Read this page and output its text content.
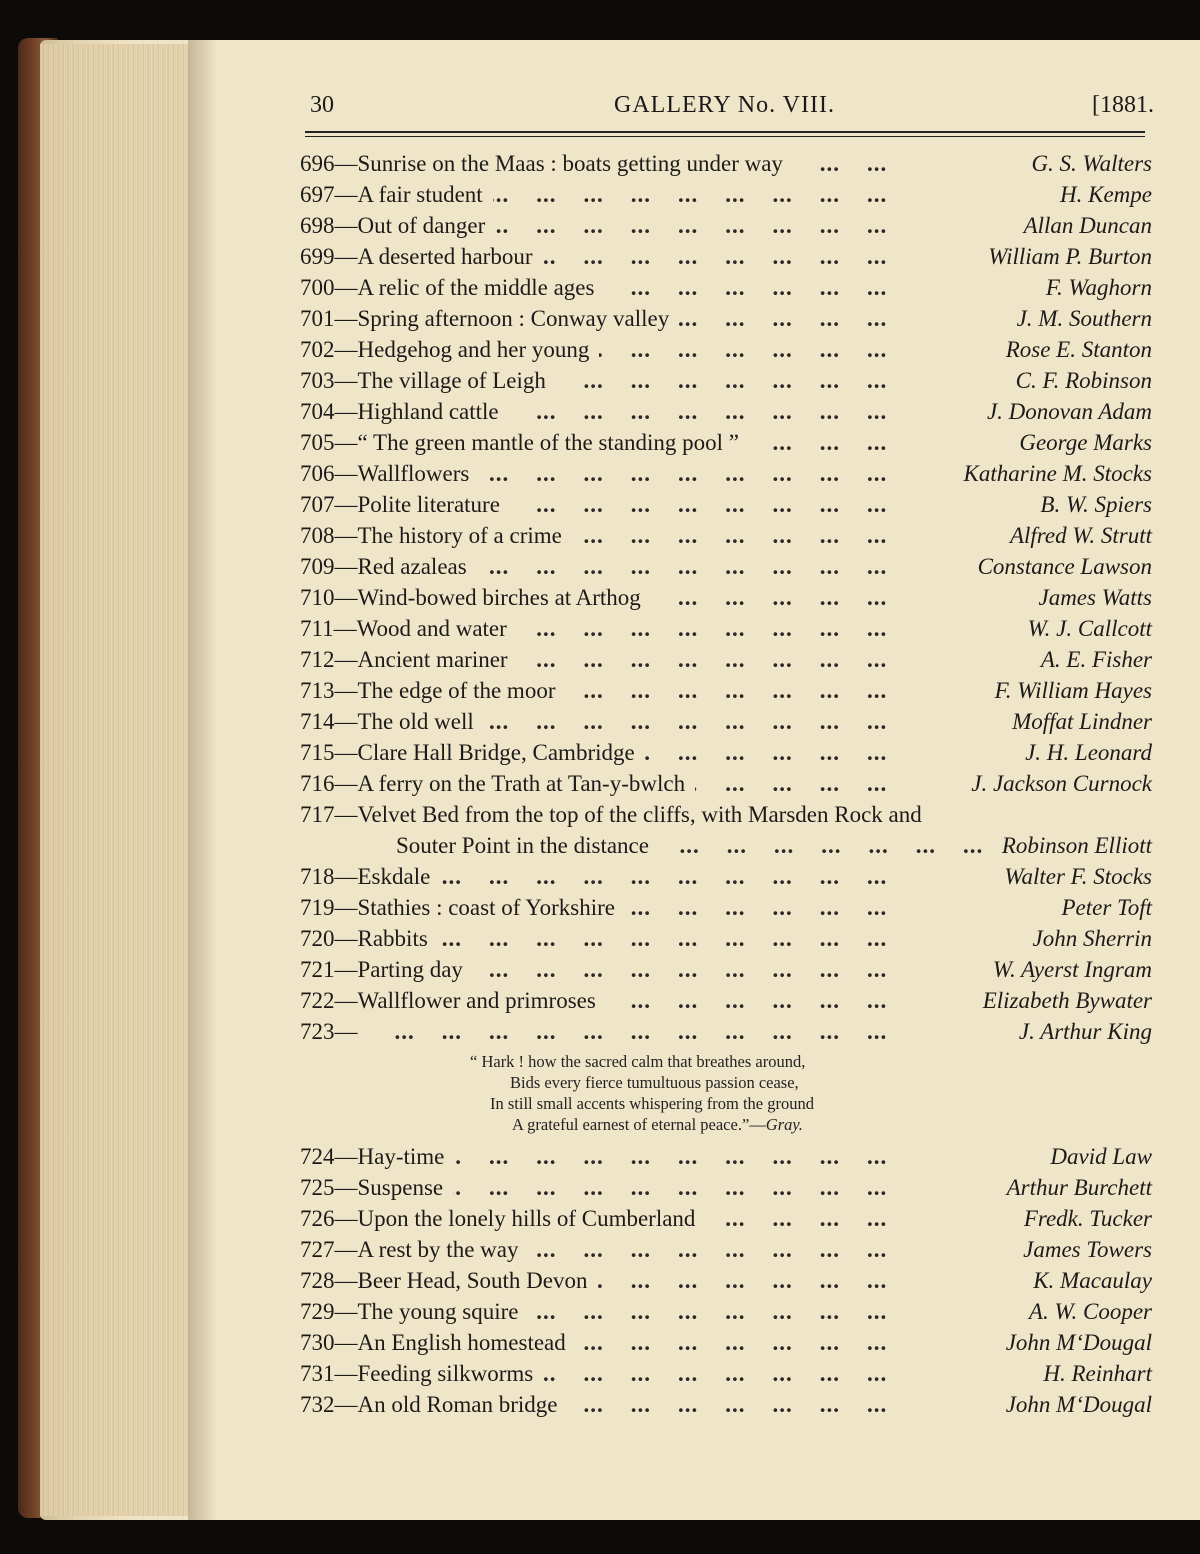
30	GALLERY No. VIII.	[1881.
696—Sunrise on the Maas : boats getting under way ...	G. S. Walters
697—A fair student ...	H. Kempe
698—Out of danger ...	Allan Duncan
699—A deserted harbour ...	William P. Burton
700—A relic of the middle ages ...	F. Waghorn
701—Spring afternoon : Conway valley ...	J. M. Southern
702—Hedgehog and her young ...	Rose E. Stanton
703—The village of Leigh ...	C. F. Robinson
704—Highland cattle ...	J. Donovan Adam
705—“ The green mantle of the standing pool ” ...	George Marks
706—Wallflowers ...	Katharine M. Stocks
707—Polite literature ...	B. W. Spiers
708—The history of a crime ...	Alfred W. Strutt
709—Red azaleas ...	Constance Lawson
710—Wind-bowed birches at Arthog ...	James Watts
711—Wood and water ...	W. J. Callcott
712—Ancient mariner ...	A. E. Fisher
713—The edge of the moor ...	F. William Hayes
714—The old well ...	Moffat Lindner
715—Clare Hall Bridge, Cambridge ...	J. H. Leonard
716—A ferry on the Trath at Tan-y-bwlch ...	J. Jackson Curnock
717—Velvet Bed from the top of the cliffs, with Marsden Rock and
Souter Point in the distance ...	Robinson Elliott
718—Eskdale ...	Walter F. Stocks
719—Stathies : coast of Yorkshire ...	Peter Toft
720—Rabbits ...	John Sherrin
721—Parting day ...	W. Ayerst Ingram
722—Wallflower and primroses ...	Elizabeth Bywater
723— ...	J. Arthur King
“ Hark ! how the sacred calm that breathes around,
Bids every fierce tumultuous passion cease,
In still small accents whispering from the ground
A grateful earnest of eternal peace.”—Gray.
724—Hay-time ...	David Law
725—Suspense ...	Arthur Burchett
726—Upon the lonely hills of Cumberland ...	Fredk. Tucker
727—A rest by the way ...	James Towers
728—Beer Head, South Devon ...	K. Macaulay
729—The young squire ...	A. W. Cooper
730—An English homestead ...	John M‘Dougal
731—Feeding silkworms ...	H. Reinhart
732—An old Roman bridge ...	John M‘Dougal
